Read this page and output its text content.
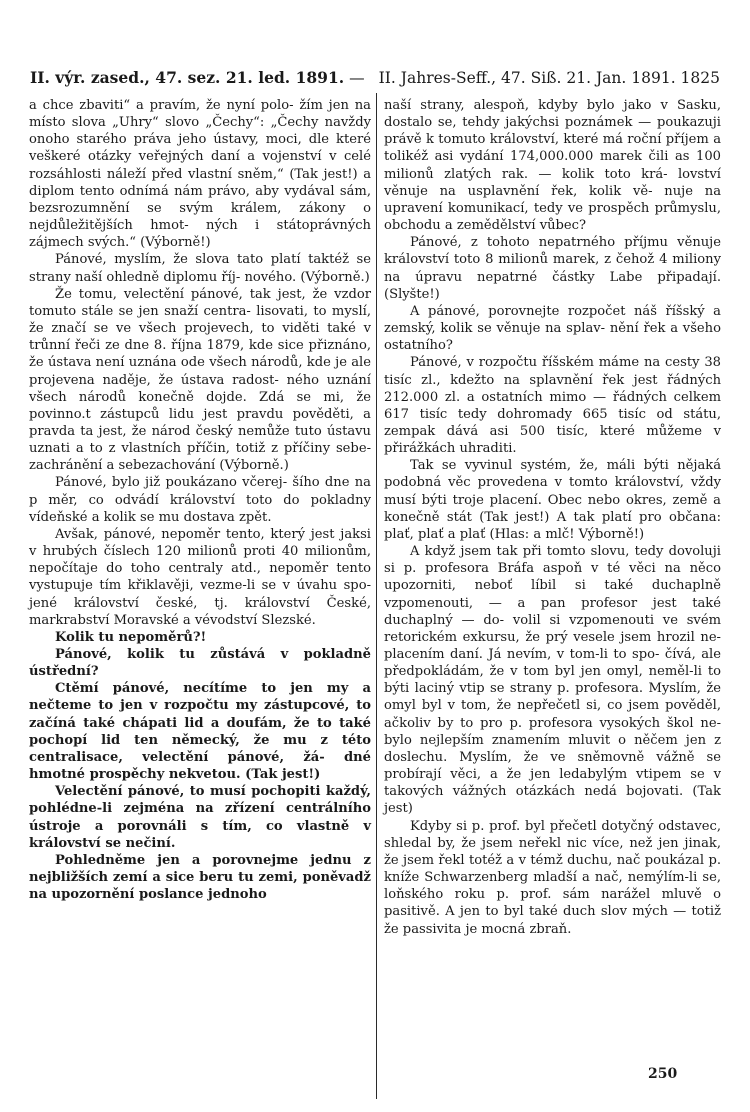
II. výr. zased., 47. sez. 21. led. 1891. — II. Jahres-Seff., 47. Siß. 21. Jan. 1891. 1825

a chce zbaviti“ a pravím, že nyní polo- žím jen na místo slova „Uhry“ slovo „Čechy“: „Čechy navždy onoho starého práva jeho ústavy, moci, dle které veškeré otázky veřejných daní a vojenství v celé rozsáhlosti náleží před vlastní sněm,“ (Tak jest!) a diplom tento odnímá nám právo, aby vydával sám, bezsrozumnění se svým králem, zákony o nejdůležitějších hmot- ných i státoprávných zájmech svých.“ (Výborně!)

Pánové, myslím, že slova tato platí taktéž se strany naší ohledně diplomu říj- nového. (Výborně.)

Že tomu, velectění pánové, tak jest, že vzdor tomuto stále se jen snaží centra- lisovati, to myslí, že značí se ve všech projevech, to viděti také v trůnní řeči ze dne 8. října 1879, kde sice přiznáno, že ústava není uznána ode všech národů, kde je ale projevena naděje, že ústava radost- ného uznání všech národů konečně dojde. Zdá se mi, že povinno.t zástupců lidu jest pravdu pověděti, a pravda ta jest, že národ český nemůže tuto ústavu uznati a to z vlastních příčin, totiž z příčiny sebe- zachránění a sebezachování (Výborně.)

Pánové, bylo již poukázano včerej- šího dne na p měr, co odvádí království toto do pokladny vídeňské a kolik se mu dostava zpět.

Avšak, pánové, nepoměr tento, který jest jaksi v hrubých číslech 120 milionů proti 40 milionům, nepočítaje do toho centraly atd., nepoměr tento vystupuje tím křiklavěji, vezme-li se v úvahu spo- jené království české, tj. království České, markrabství Moravské a vévodství Slezské.

Kolik tu nepoměrů?!

Pánové, kolik tu zůstává v pokladně ústřední?

Ctěmí pánové, necítíme to jen my a nečteme to jen v rozpočtu my zástupcové, to začíná také chápati lid a doufám, že to také pochopí lid ten německý, že mu z této centralisace, velectění pánové, žá- dné hmotné prospěchy nekvetou. (Tak jest!)

Velectění pánové, to musí pochopiti každý, pohlédne-li zejména na zřízení centrálního ústroje a porovnáli s tím, co vlastně v království se nečiní.

Pohledněme jen a porovnejme jednu z nejbližších zemí a sice beru tu zemi, poněvadž na upozornění poslance jednoho

naší strany, alespoň, kdyby bylo jako v Sasku, dostalo se, tehdy jakýchsi poznámek — poukazuji právě k tomuto království, které má roční příjem a tolikéž asi vydání 174,000.000 marek čili as 100 milionů zlatých rak. — kolik toto krá- lovství věnuje na usplavnění řek, kolik vě- nuje na upravení komunikací, tedy ve prospěch průmyslu, obchodu a zemědělství vůbec?

Pánové, z tohoto nepatrného příjmu věnuje království toto 8 milionů marek, z čehož 4 miliony na úpravu nepatrné částky Labe připadají. (Slyšte!)

A pánové, porovnejte rozpočet náš říšský a zemský, kolik se věnuje na splav- nění řek a všeho ostatního?

Pánové, v rozpočtu říšském máme na cesty 38 tisíc zl., kdežto na splavnění řek jest řádných 212.000 zl. a ostatních mimo — řádných celkem 617 tisíc tedy dohromady 665 tisíc od státu, zempak dává asi 500 tisíc, které můžeme v přirážkách uhraditi.

Tak se vyvinul systém, že, máli býti nějaká podobná věc provedena v tomto království, vždy musí býti troje placení. Obec nebo okres, země a konečně stát (Tak jest!) A tak platí pro občana: plať, plať a plať (Hlas: a mlč! Výborně!)

A když jsem tak při tomto slovu, tedy dovoluji si p. profesora Bráfa aspoň v té věci na něco upozorniti, neboť líbil si také duchaplně vzpomenouti, — a pan profesor jest také duchaplný — do- volil si vzpomenouti ve svém retorickém exkursu, že prý vesele jsem hrozil ne- placením daní. Já nevím, v tom-li to spo- čívá, ale předpokládám, že v tom byl jen omyl, neměl-li to býti laciný vtip se strany p. profesora. Myslím, že omyl byl v tom, že nepřečetl si, co jsem pověděl, ačkoliv by to pro p. profesora vysokých škol ne- bylo nejlepším znamením mluvit o něčem jen z doslechu. Myslím, že ve sněmovně vážně se probírají věci, a že jen ledabylým vtipem se v takových vážných otázkách nedá bojovati. (Tak jest)

Kdyby si p. prof. byl přečetl dotyčný odstavec, shledal by, že jsem neřekl nic více, než jen jinak, že jsem řekl totéž a v témž duchu, nač poukázal p. kníže Schwarzenberg mladší a nač, nemýlím-li se, loňského roku p. prof. sám narážel mluvě o pasitivě. A jen to byl také duch slov mých — totiž že passivita je mocná zbraň.

250
